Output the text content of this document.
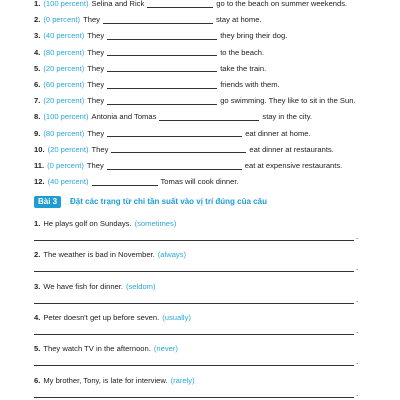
1. (100 percent) Selina and Rick	go to the beach on summer weekends.
2. (0 percent) They	stay at home.
3. (40 percent) They	they bring their dog.
4. (80 percent) They	to the beach.
5. (20 percent) They	take the train.
6. (60 percent) They	friends with them.
7. (20 percent) They	go swimming. They like to sit in the Sun.
8. (100 percent) Antonia and Tomas	stay in the city.
9. (80 percent) They	eat dinner at home.
10. (20 percent) They	eat dinner at restaurants.
11. (0 percent) They	eat at expensive restaurants.
12. (40 percent)	Tomas will cook dinner.
Bài 3	Đặt các trạng từ chỉ tần suất vào vị trí đúng của câu
1. He plays golf on Sundays. (sometimes)
.
2. The weather is bad in November. (always)
.
3. We have fish for dinner. (seldom)
.
4. Peter doesn't get up before seven. (usually)
.
5. They watch TV in the afternoon. (never)
.
6. My brother, Tony, is late for interview. (rarely)
.
